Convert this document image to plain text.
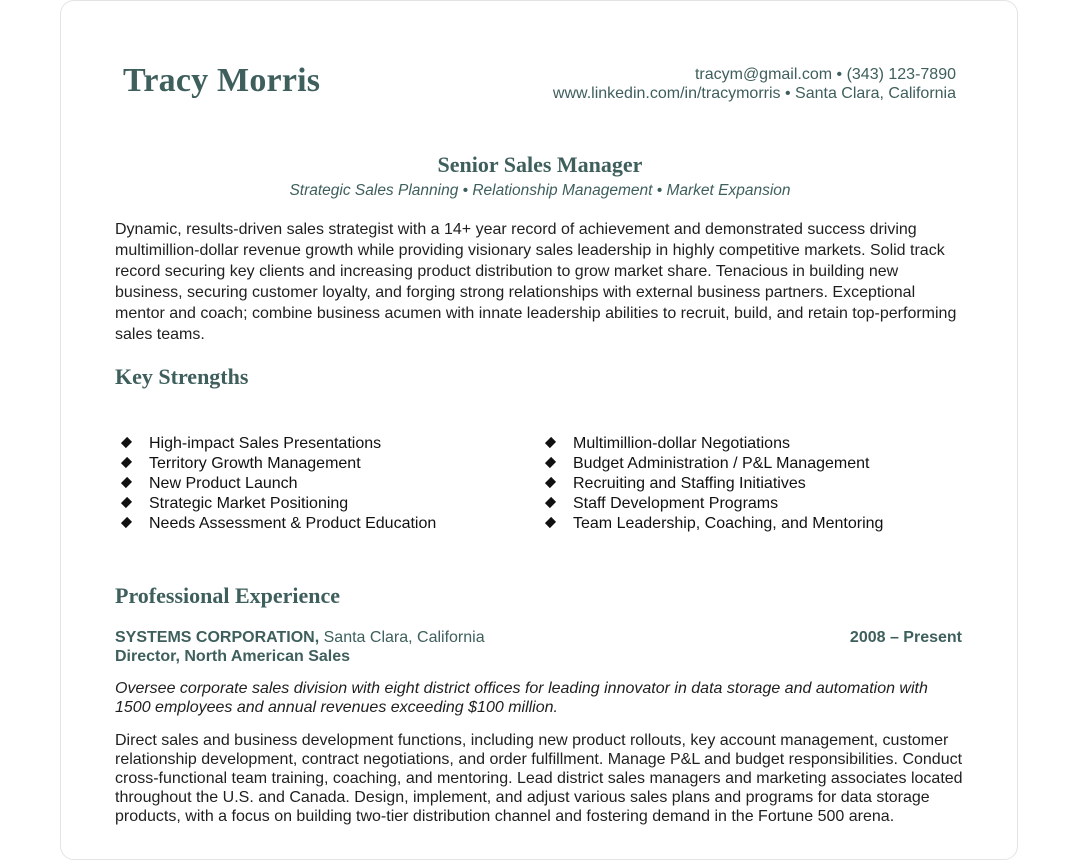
Tracy Morris	tracym@gmail.com • (343) 123-7890
www.linkedin.com/in/tracymorris • Santa Clara, California
Senior Sales Manager
Strategic Sales Planning • Relationship Management • Market Expansion

Dynamic, results-driven sales strategist with a 14+ year record of achievement and demonstrated success driving multimillion-dollar revenue growth while providing visionary sales leadership in highly competitive markets. Solid track record securing key clients and increasing product distribution to grow market share. Tenacious in building new business, securing customer loyalty, and forging strong relationships with external business partners. Exceptional mentor and coach; combine business acumen with innate leadership abilities to recruit, build, and retain top-performing sales teams.

Key Strengths
High-impact Sales Presentations
Territory Growth Management
New Product Launch
Strategic Market Positioning
Needs Assessment & Product Education
Multimillion-dollar Negotiations
Budget Administration / P&L Management
Recruiting and Staffing Initiatives
Staff Development Programs
Team Leadership, Coaching, and Mentoring
Professional Experience
SYSTEMS CORPORATION, Santa Clara, California	2008 – Present
Director, North American Sales

Oversee corporate sales division with eight district offices for leading innovator in data storage and automation with 1500 employees and annual revenues exceeding $100 million.

Direct sales and business development functions, including new product rollouts, key account management, customer relationship development, contract negotiations, and order fulfillment. Manage P&L and budget responsibilities. Conduct cross-functional team training, coaching, and mentoring. Lead district sales managers and marketing associates located throughout the U.S. and Canada. Design, implement, and adjust various sales plans and programs for data storage products, with a focus on building two-tier distribution channel and fostering demand in the Fortune 500 arena.
